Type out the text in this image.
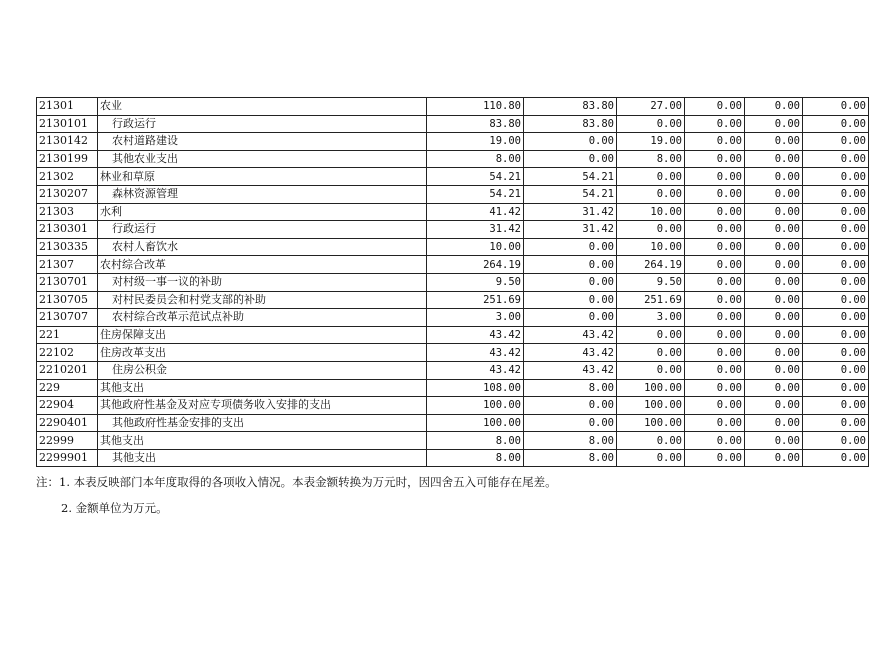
21301	农业	110.80	83.80	27.00	0.00	0.00	0.00
2130101	行政运行	83.80	83.80	0.00	0.00	0.00	0.00
2130142	农村道路建设	19.00	0.00	19.00	0.00	0.00	0.00
2130199	其他农业支出	8.00	0.00	8.00	0.00	0.00	0.00
21302	林业和草原	54.21	54.21	0.00	0.00	0.00	0.00
2130207	森林资源管理	54.21	54.21	0.00	0.00	0.00	0.00
21303	水利	41.42	31.42	10.00	0.00	0.00	0.00
2130301	行政运行	31.42	31.42	0.00	0.00	0.00	0.00
2130335	农村人畜饮水	10.00	0.00	10.00	0.00	0.00	0.00
21307	农村综合改革	264.19	0.00	264.19	0.00	0.00	0.00
2130701	对村级一事一议的补助	9.50	0.00	9.50	0.00	0.00	0.00
2130705	对村民委员会和村党支部的补助	251.69	0.00	251.69	0.00	0.00	0.00
2130707	农村综合改革示范试点补助	3.00	0.00	3.00	0.00	0.00	0.00
221	住房保障支出	43.42	43.42	0.00	0.00	0.00	0.00
22102	住房改革支出	43.42	43.42	0.00	0.00	0.00	0.00
2210201	住房公积金	43.42	43.42	0.00	0.00	0.00	0.00
229	其他支出	108.00	8.00	100.00	0.00	0.00	0.00
22904	其他政府性基金及对应专项债务收入安排的支出	100.00	0.00	100.00	0.00	0.00	0.00
2290401	其他政府性基金安排的支出	100.00	0.00	100.00	0.00	0.00	0.00
22999	其他支出	8.00	8.00	0.00	0.00	0.00	0.00
2299901	其他支出	8.00	8.00	0.00	0.00	0.00	0.00
注：1. 本表反映部门本年度取得的各项收入情况。本表金额转换为万元时，因四舍五入可能存在尾差。
2. 金额单位为万元。
